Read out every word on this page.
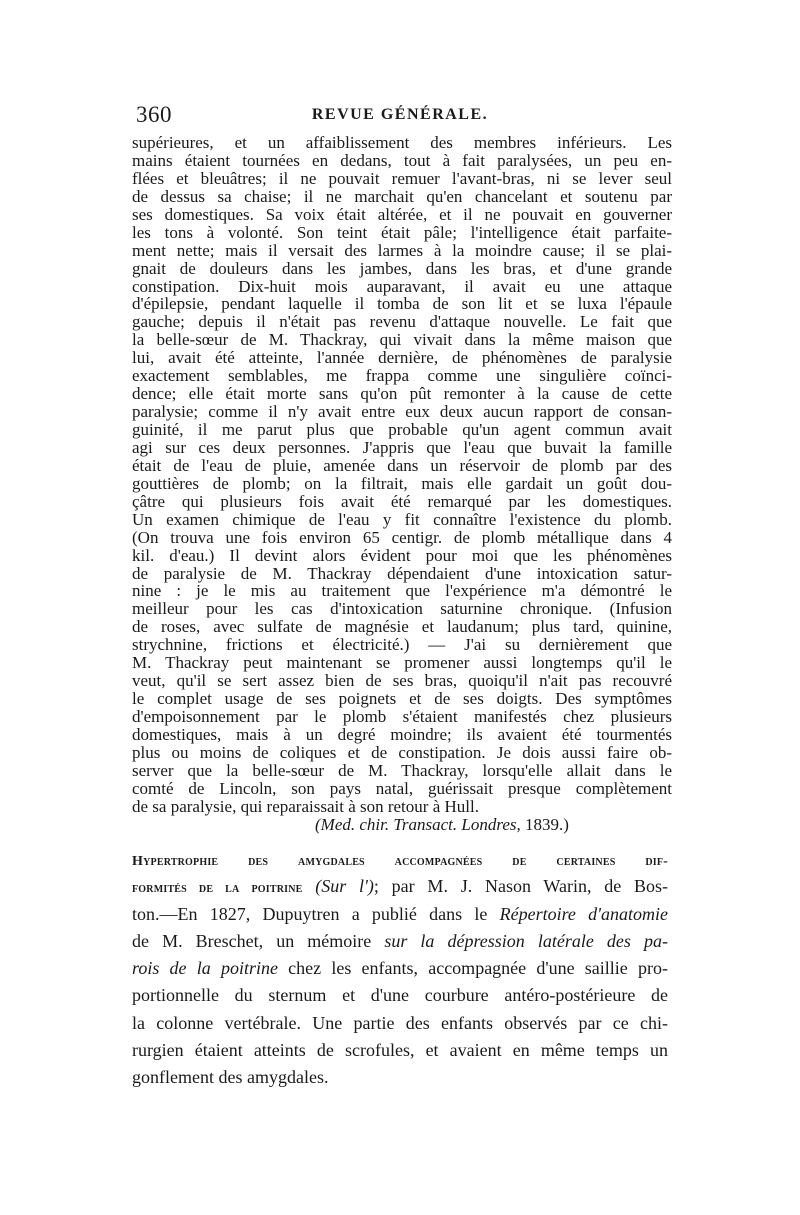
360	REVUE GÉNÉRALE.
supérieures, et un affaiblissement des membres inférieurs. Les
mains étaient tournées en dedans, tout à fait paralysées, un peu en-
flées et bleuâtres; il ne pouvait remuer l'avant-bras, ni se lever seul
de dessus sa chaise; il ne marchait qu'en chancelant et soutenu par
ses domestiques. Sa voix était altérée, et il ne pouvait en gouverner
les tons à volonté. Son teint était pâle; l'intelligence était parfaite-
ment nette; mais il versait des larmes à la moindre cause; il se plai-
gnait de douleurs dans les jambes, dans les bras, et d'une grande
constipation. Dix-huit mois auparavant, il avait eu une attaque
d'épilepsie, pendant laquelle il tomba de son lit et se luxa l'épaule
gauche; depuis il n'était pas revenu d'attaque nouvelle. Le fait que
la belle-sœur de M. Thackray, qui vivait dans la même maison que
lui, avait été atteinte, l'année dernière, de phénomènes de paralysie
exactement semblables, me frappa comme une singulière coïnci-
dence; elle était morte sans qu'on pût remonter à la cause de cette
paralysie; comme il n'y avait entre eux deux aucun rapport de consan-
guinité, il me parut plus que probable qu'un agent commun avait
agi sur ces deux personnes. J'appris que l'eau que buvait la famille
était de l'eau de pluie, amenée dans un réservoir de plomb par des
gouttières de plomb; on la filtrait, mais elle gardait un goût dou-
çâtre qui plusieurs fois avait été remarqué par les domestiques.
Un examen chimique de l'eau y fit connaître l'existence du plomb.
(On trouva une fois environ 65 centigr. de plomb métallique dans 4
kil. d'eau.) Il devint alors évident pour moi que les phénomènes
de paralysie de M. Thackray dépendaient d'une intoxication satur-
nine : je le mis au traitement que l'expérience m'a démontré le
meilleur pour les cas d'intoxication saturnine chronique. (Infusion
de roses, avec sulfate de magnésie et laudanum; plus tard, quinine,
strychnine, frictions et électricité.) — J'ai su dernièrement que
M. Thackray peut maintenant se promener aussi longtemps qu'il le
veut, qu'il se sert assez bien de ses bras, quoiqu'il n'ait pas recouvré
le complet usage de ses poignets et de ses doigts. Des symptômes
d'empoisonnement par le plomb s'étaient manifestés chez plusieurs
domestiques, mais à un degré moindre; ils avaient été tourmentés
plus ou moins de coliques et de constipation. Je dois aussi faire ob-
server que la belle-sœur de M. Thackray, lorsqu'elle allait dans le
comté de Lincoln, son pays natal, guérissait presque complètement
de sa paralysie, qui reparaissait à son retour à Hull.
(Med. chir. Transact. Londres, 1839.)
Hypertrophie des amygdales accompagnées de certaines dif-
formités de la poitrine (Sur l'); par M. J. Nason Warin, de Bos-
ton.—En 1827, Dupuytren a publié dans le Répertoire d'anatomie
de M. Breschet, un mémoire sur la dépression latérale des pa-
rois de la poitrine chez les enfants, accompagnée d'une saillie pro-
portionnelle du sternum et d'une courbure antéro-postérieure de
la colonne vertébrale. Une partie des enfants observés par ce chi-
rurgien étaient atteints de scrofules, et avaient en même temps un
gonflement des amygdales.
